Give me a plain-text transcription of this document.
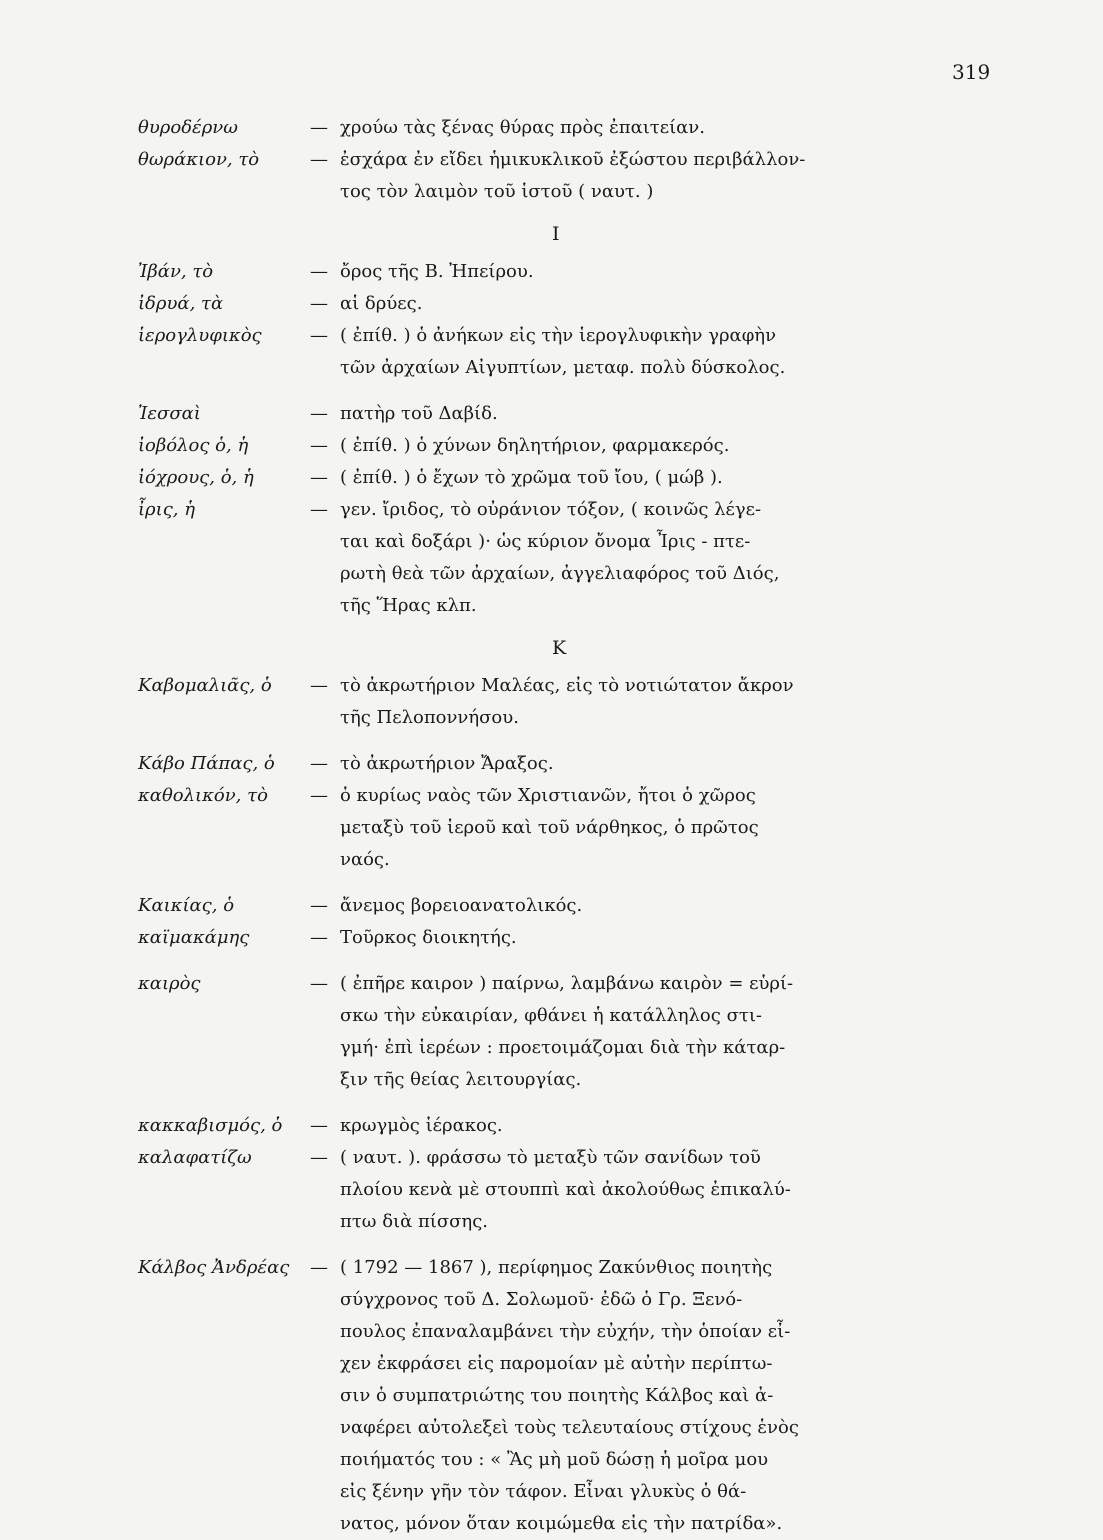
319
θυροδέρνω	— χρούω τὰς ξένας θύρας πρὸς ἐπαιτείαν.
θωράκιον, τὸ	— ἐσχάρα ἐν εἴδει ἡμικυκλικοῦ ἐξώστου περιβάλλον-
τος τὸν λαιμὸν τοῦ ἱστοῦ ( ναυτ. )
Ι
Ἰβάν, τὸ	— ὄρος τῆς Β. Ἠπείρου.
ἰδρυά, τὰ	— αἱ δρύες.
ἱερογλυφικὸς	— ( ἐπίθ. ) ὁ ἀνήκων εἰς τὴν ἱερογλυφικὴν γραφὴν
τῶν ἀρχαίων Αἰγυπτίων, μεταφ. πολὺ δύσκολος.
Ἰεσσαὶ	— πατὴρ τοῦ Δαβίδ.
ἰοβόλος ὁ, ἡ	— ( ἐπίθ. ) ὁ χύνων δηλητήριον, φαρμακερός.
ἰόχρους, ὁ, ἡ	— ( ἐπίθ. ) ὁ ἔχων τὸ χρῶμα τοῦ ἴου, ( μώβ ).
ἶρις, ἡ	— γεν. ἴριδος, τὸ οὐράνιον τόξον, ( κοινῶς λέγε-
ται καὶ δοξάρι )· ὡς κύριον ὄνομα Ἶρις - πτε-
ρωτὴ θεὰ τῶν ἀρχαίων, ἀγγελιαφόρος τοῦ Διός,
τῆς Ἥρας κλπ.
Κ
Καβομαλιᾶς, ὁ	— τὸ ἀκρωτήριον Μαλέας, εἰς τὸ νοτιώτατον ἄκρον
τῆς Πελοποννήσου.
Κάβο Πάπας, ὁ	— τὸ ἀκρωτήριον Ἄραξος.
καθολικόν, τὸ	— ὁ κυρίως ναὸς τῶν Χριστιανῶν, ἤτοι ὁ χῶρος
μεταξὺ τοῦ ἱεροῦ καὶ τοῦ νάρθηκος, ὁ πρῶτος
ναός.
Καικίας, ὁ	— ἄνεμος βορειοανατολικός.
καϊμακάμης	— Τοῦρκος διοικητής.
καιρὸς	— ( ἐπῆρε καιρον ) παίρνω, λαμβάνω καιρὸν = εὑρί-
σκω τὴν εὐκαιρίαν, φθάνει ἡ κατάλληλος στι-
γμή· ἐπὶ ἱερέων : προετοιμάζομαι διὰ τὴν κάταρ-
ξιν τῆς θείας λειτουργίας.
κακκαβισμός, ὁ	— κρωγμὸς ἱέρακος.
καλαφατίζω	— ( ναυτ. ). φράσσω τὸ μεταξὺ τῶν σανίδων τοῦ
πλοίου κενὰ μὲ στουππὶ καὶ ἀκολούθως ἐπικαλύ-
πτω διὰ πίσσης.
Κάλβος Ἀνδρέας	— ( 1792 — 1867 ), περίφημος Ζακύνθιος ποιητὴς
σύγχρονος τοῦ Δ. Σολωμοῦ· ἐδῶ ὁ Γρ. Ξενό-
πουλος ἐπαναλαμβάνει τὴν εὐχήν, τὴν ὁποίαν εἶ-
χεν ἐκφράσει εἰς παρομοίαν μὲ αὐτὴν περίπτω-
σιν ὁ συμπατριώτης του ποιητὴς Κάλβος καὶ ἀ-
ναφέρει αὐτολεξεὶ τοὺς τελευταίους στίχους ἑνὸς
ποιήματός του : « Ἂς μὴ μοῦ δώσῃ ἡ μοῖρα μου
εἰς ξένην γῆν τὸν τάφον. Εἶναι γλυκὺς ὁ θά-
νατος, μόνον ὅταν κοιμώμεθα εἰς τὴν πατρίδα».
